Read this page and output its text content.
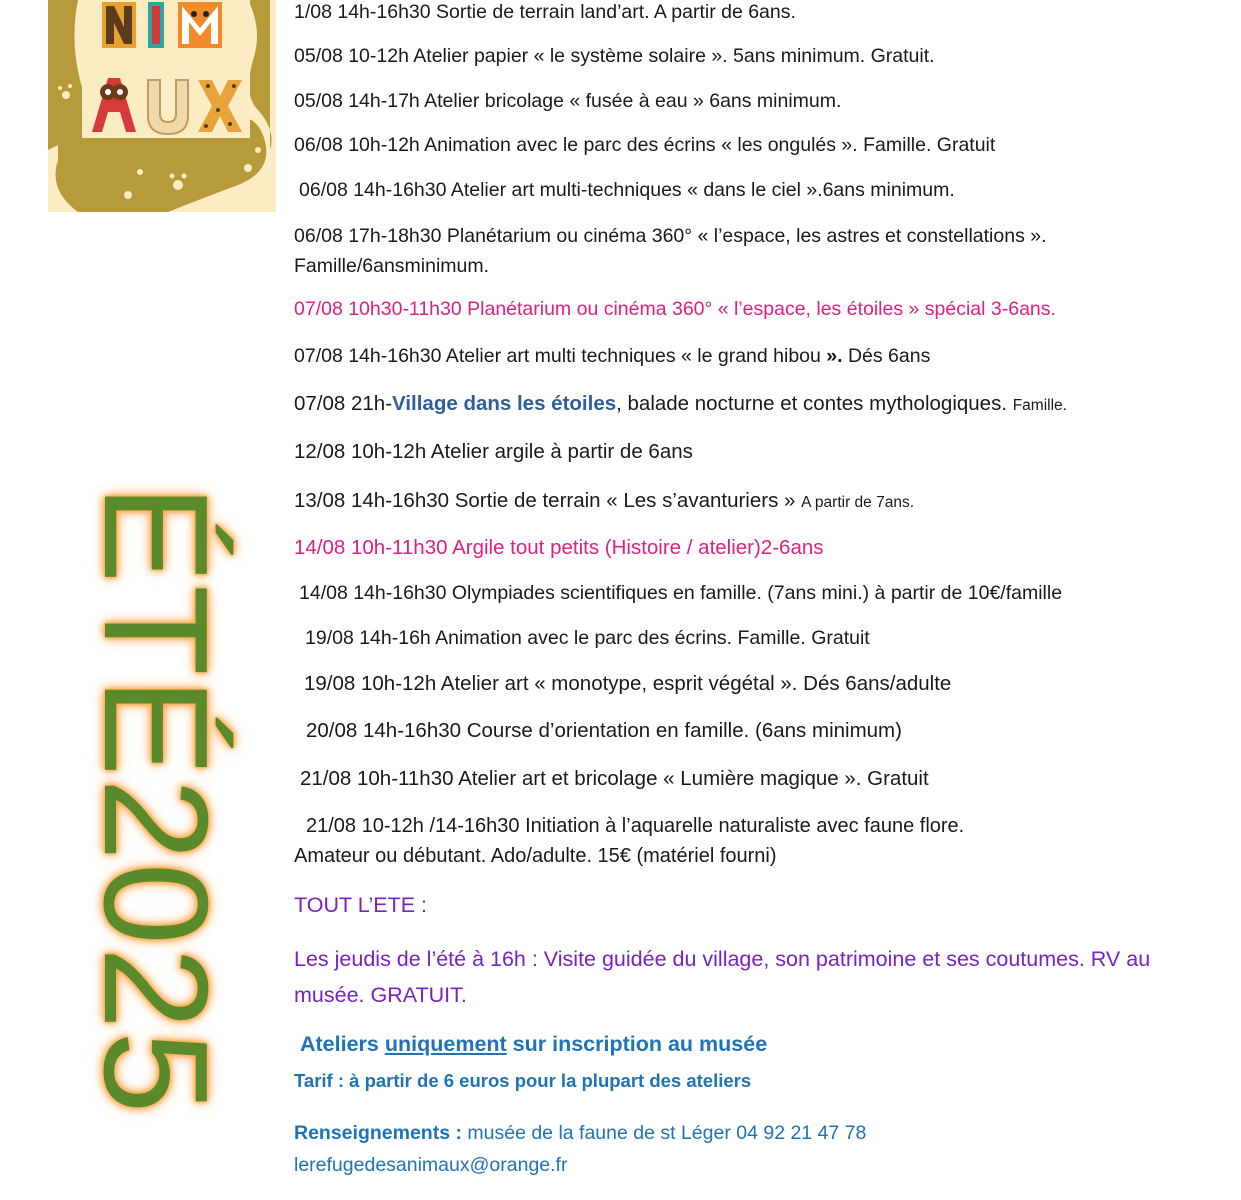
ÉTÉ2025
1/08 14h-16h30 Sortie de terrain land’art. A partir de 6ans.
05/08 10-12h Atelier papier « le système solaire ». 5ans minimum. Gratuit.
05/08 14h-17h Atelier bricolage « fusée à eau » 6ans minimum.
06/08 10h-12h Animation avec le parc des écrins « les ongulés ». Famille. Gratuit
06/08 14h-16h30 Atelier art multi-techniques « dans le ciel ».6ans minimum.
06/08 17h-18h30 Planétarium ou cinéma 360° « l’espace, les astres et constellations ».
Famille/6ansminimum.
07/08 10h30-11h30 Planétarium ou cinéma 360° « l’espace, les étoiles » spécial 3-6ans.
07/08 14h-16h30 Atelier art multi techniques « le grand hibou ». Dés 6ans
07/08 21h-Village dans les étoiles, balade nocturne et contes mythologiques. Famille.
12/08 10h-12h Atelier argile à partir de 6ans
13/08 14h-16h30 Sortie de terrain « Les s’avanturiers » A partir de 7ans.
14/08 10h-11h30 Argile tout petits (Histoire / atelier)2-6ans
14/08 14h-16h30 Olympiades scientifiques en famille. (7ans mini.) à partir de 10€/famille
19/08 14h-16h Animation avec le parc des écrins. Famille. Gratuit
19/08 10h-12h Atelier art « monotype, esprit végétal ». Dés 6ans/adulte
20/08 14h-16h30 Course d’orientation en famille. (6ans minimum)
21/08 10h-11h30 Atelier art et bricolage « Lumière magique ». Gratuit
21/08 10-12h /14-16h30 Initiation à l’aquarelle naturaliste avec faune flore.
Amateur ou débutant. Ado/adulte. 15€ (matériel fourni)
TOUT L’ETE :
Les jeudis de l’été à 16h : Visite guidée du village, son patrimoine et ses coutumes. RV au musée. GRATUIT.
Ateliers uniquement sur inscription au musée
Tarif : à partir de 6 euros pour la plupart des ateliers
Renseignements : musée de la faune de st Léger 04 92 21 47 78
lerefugedesanimaux@orange.fr
